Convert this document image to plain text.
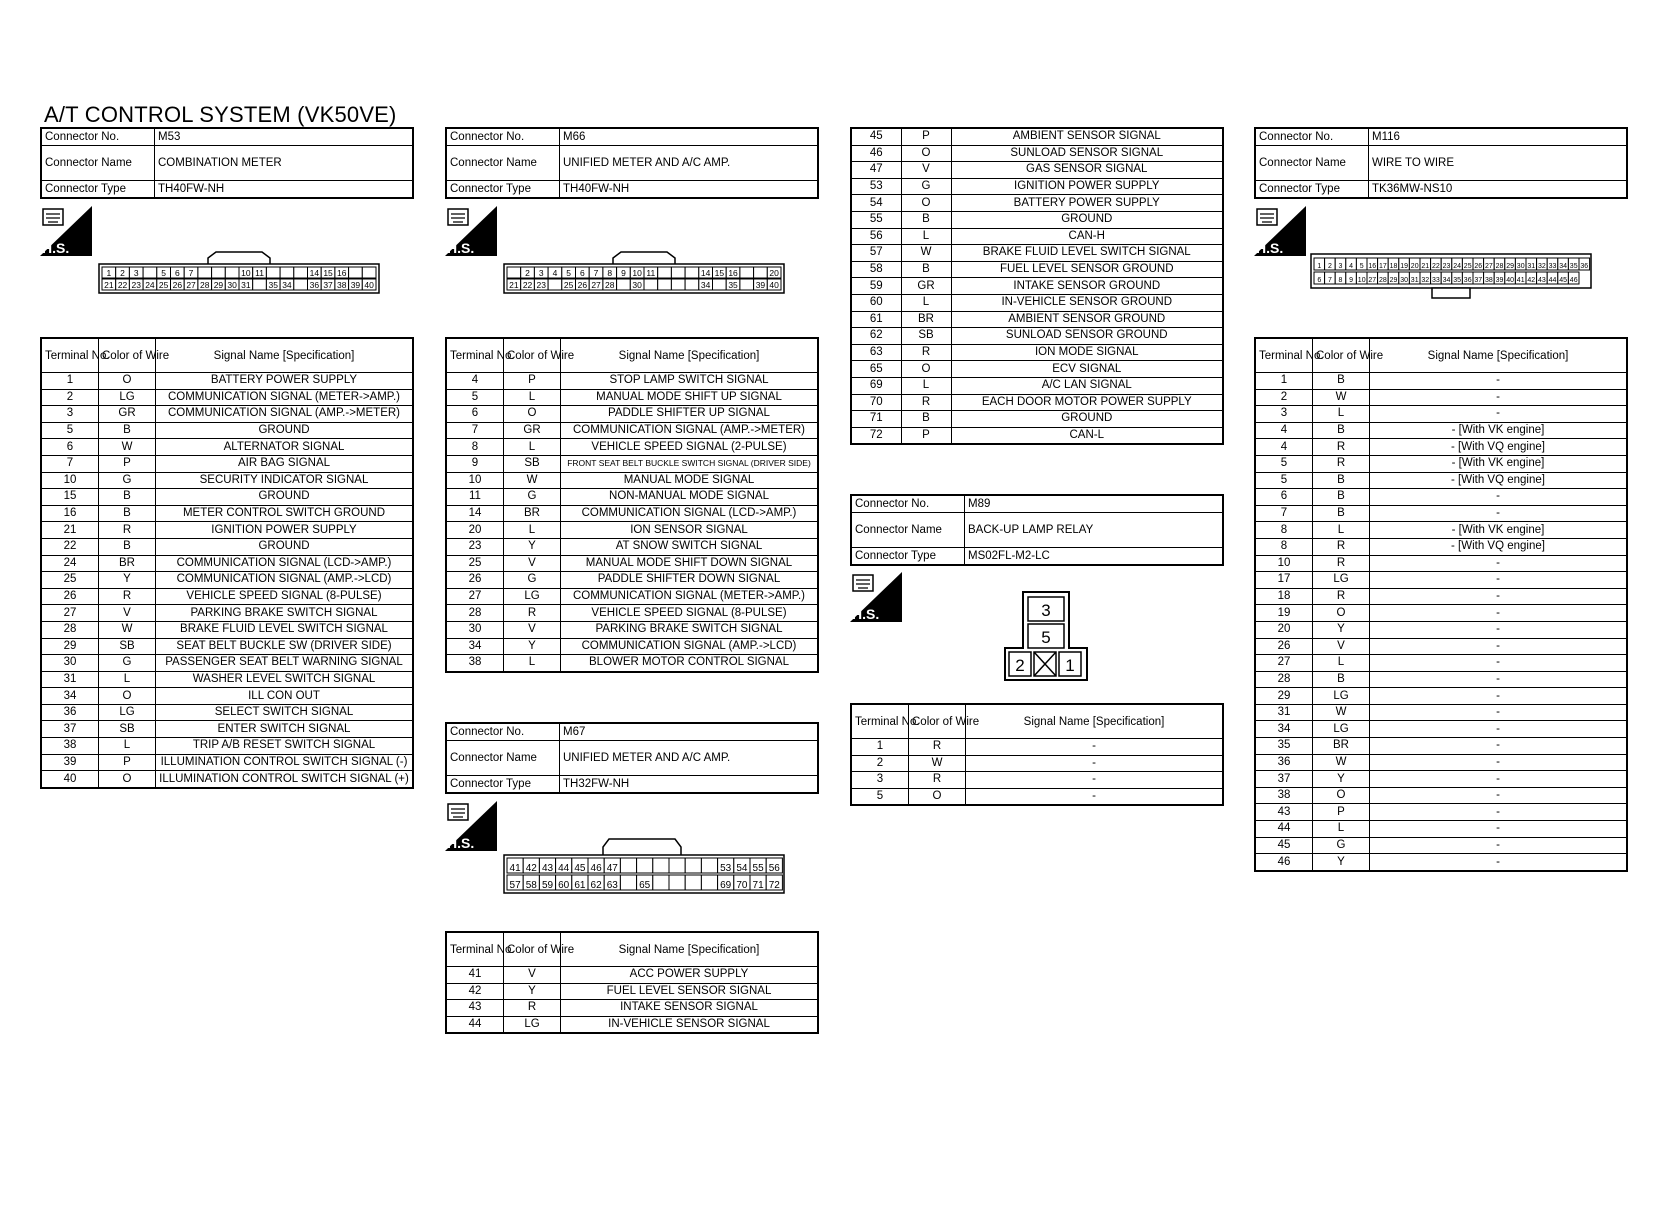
A/T CONTROL SYSTEM (VK50VE)
Connector No.	M53
Connector Name	COMBINATION METER
Connector Type	TH40FW-NH
H.S.
1 2 3	5 6 7	10 11	14 15 16
21 22 23 24 25 26 27 28 29 30 31 35 34 36 37 38 39 40
Terminal No.	Color of Wire	Signal Name [Specification]
1	O	BATTERY POWER SUPPLY
2	LG	COMMUNICATION SIGNAL (METER->AMP.)
3	GR	COMMUNICATION SIGNAL (AMP.->METER)
5	B	GROUND
6	W	ALTERNATOR SIGNAL
7	P	AIR BAG SIGNAL
10	G	SECURITY INDICATOR SIGNAL
15	B	GROUND
16	B	METER CONTROL SWITCH GROUND
21	R	IGNITION POWER SUPPLY
22	B	GROUND
24	BR	COMMUNICATION SIGNAL (LCD->AMP.)
25	Y	COMMUNICATION SIGNAL (AMP.->LCD)
26	R	VEHICLE SPEED SIGNAL (8-PULSE)
27	V	PARKING BRAKE SWITCH SIGNAL
28	W	BRAKE FLUID LEVEL SWITCH SIGNAL
29	SB	SEAT BELT BUCKLE SW (DRIVER SIDE)
30	G	PASSENGER SEAT BELT WARNING SIGNAL
31	L	WASHER LEVEL SWITCH SIGNAL
34	O	ILL CON OUT
36	LG	SELECT SWITCH SIGNAL
37	SB	ENTER SWITCH SIGNAL
38	L	TRIP A/B RESET SWITCH SIGNAL
39	P	ILLUMINATION CONTROL SWITCH SIGNAL (-)
40	O	ILLUMINATION CONTROL SWITCH SIGNAL (+)
Connector No.	M66
Connector Name	UNIFIED METER AND A/C AMP.
Connector Type	TH40FW-NH
H.S.
2 3 4 5 6 7 8 9 10 11	14 15 16	20
21 22 23 25 26 27 28 30	34 35 39 40
Terminal No.	Color of Wire	Signal Name [Specification]
4	P	STOP LAMP SWITCH SIGNAL
5	L	MANUAL MODE SHIFT UP SIGNAL
6	O	PADDLE SHIFTER UP SIGNAL
7	GR	COMMUNICATION SIGNAL (AMP.->METER)
8	L	VEHICLE SPEED SIGNAL (2-PULSE)
9	SB	FRONT SEAT BELT BUCKLE SWITCH SIGNAL (DRIVER SIDE)
10	W	MANUAL MODE SIGNAL
11	G	NON-MANUAL MODE SIGNAL
14	BR	COMMUNICATION SIGNAL (LCD->AMP.)
20	L	ION SENSOR SIGNAL
23	Y	AT SNOW SWITCH SIGNAL
25	V	MANUAL MODE SHIFT DOWN SIGNAL
26	G	PADDLE SHIFTER DOWN SIGNAL
27	LG	COMMUNICATION SIGNAL (METER->AMP.)
28	R	VEHICLE SPEED SIGNAL (8-PULSE)
30	V	PARKING BRAKE SWITCH SIGNAL
34	Y	COMMUNICATION SIGNAL (AMP.->LCD)
38	L	BLOWER MOTOR CONTROL SIGNAL
Connector No.	M67
Connector Name	UNIFIED METER AND A/C AMP.
Connector Type	TH32FW-NH
H.S.
41 42 43 44 45 46 47	53 54 55 56
57 58 59 60 61 62 63 65	69 70 71 72
Terminal No.	Color of Wire	Signal Name [Specification]
41	V	ACC POWER SUPPLY
42	Y	FUEL LEVEL SENSOR SIGNAL
43	R	INTAKE SENSOR SIGNAL
44	LG	IN-VEHICLE SENSOR SIGNAL
45	P	AMBIENT SENSOR SIGNAL
46	O	SUNLOAD SENSOR SIGNAL
47	V	GAS SENSOR SIGNAL
53	G	IGNITION POWER SUPPLY
54	O	BATTERY POWER SUPPLY
55	B	GROUND
56	L	CAN-H
57	W	BRAKE FLUID LEVEL SWITCH SIGNAL
58	B	FUEL LEVEL SENSOR GROUND
59	GR	INTAKE SENSOR GROUND
60	L	IN-VEHICLE SENSOR GROUND
61	BR	AMBIENT SENSOR GROUND
62	SB	SUNLOAD SENSOR GROUND
63	R	ION MODE SIGNAL
65	O	ECV SIGNAL
69	L	A/C LAN SIGNAL
70	R	EACH DOOR MOTOR POWER SUPPLY
71	B	GROUND
72	P	CAN-L
Connector No.	M89
Connector Name	BACK-UP LAMP RELAY
Connector Type	MS02FL-M2-LC
H.S.	3
5
2 1
Terminal No.	Color of Wire	Signal Name [Specification]
1	R	-
2	W	-
3	R	-
5	O	-
Connector No.	M116
Connector Name	WIRE TO WIRE
Connector Type	TK36MW-NS10
H.S.
1 2 3 4 5 16 17 18 19 20 21 22 23 24 25 26 27 28 29 30 31 32 33 34 35 36
6 7 8 9 10 27 28 29 30 31 32 33 34 35 36 37 38 39 40 41 42 43 44 45 46
Terminal No.	Color of Wire	Signal Name [Specification]
1	B	-
2	W	-
3	L	-
4	B	- [With VK engine]
4	R	- [With VQ engine]
5	R	- [With VK engine]
5	B	- [With VQ engine]
6	B	-
7	B	-
8	L	- [With VK engine]
8	R	- [With VQ engine]
10	R	-
17	LG	-
18	R	-
19	O	-
20	Y	-
26	V	-
27	L	-
28	B	-
29	LG	-
31	W	-
34	LG	-
35	BR	-
36	W	-
37	Y	-
38	O	-
43	P	-
44	L	-
45	G	-
46	Y	-
